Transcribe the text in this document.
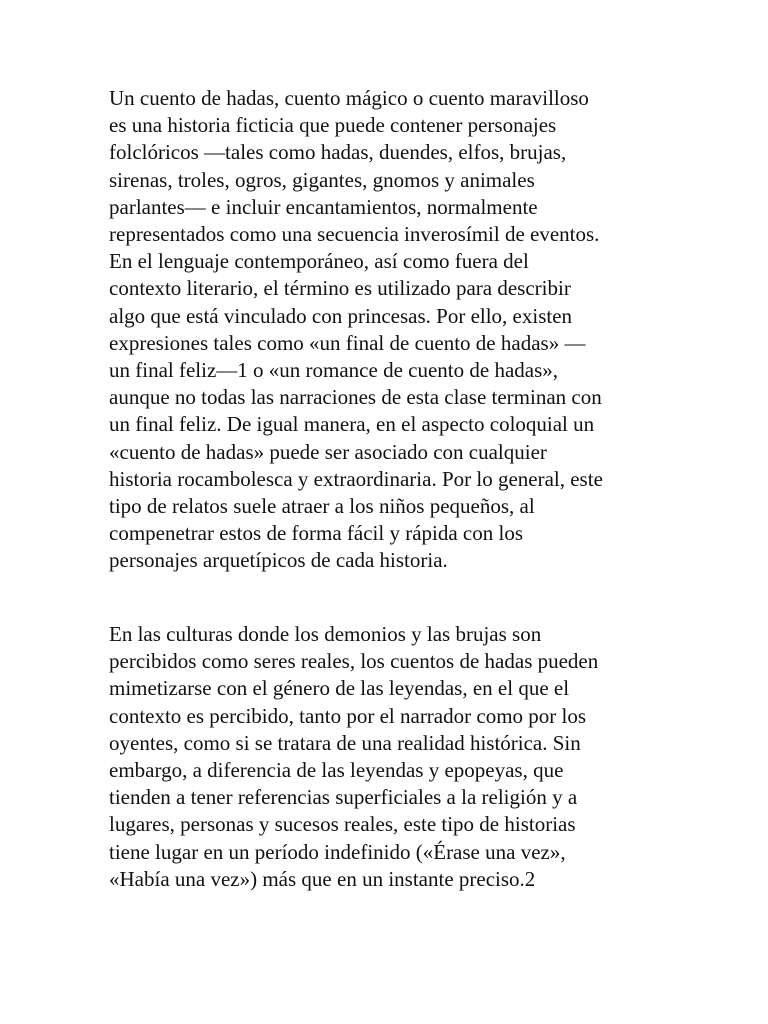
Un cuento de hadas, cuento mágico o cuento maravilloso
es una historia ficticia que puede contener personajes
folclóricos —tales como hadas, duendes, elfos, brujas,
sirenas, troles, ogros, gigantes, gnomos y animales
parlantes— e incluir encantamientos, normalmente
representados como una secuencia inverosímil de eventos.
En el lenguaje contemporáneo, así como fuera del
contexto literario, el término es utilizado para describir
algo que está vinculado con princesas. Por ello, existen
expresiones tales como «un final de cuento de hadas» —
un final feliz—1 o «un romance de cuento de hadas»,
aunque no todas las narraciones de esta clase terminan con
un final feliz. De igual manera, en el aspecto coloquial un
«cuento de hadas» puede ser asociado con cualquier
historia rocambolesca y extraordinaria. Por lo general, este
tipo de relatos suele atraer a los niños pequeños, al
compenetrar estos de forma fácil y rápida con los
personajes arquetípicos de cada historia.

En las culturas donde los demonios y las brujas son
percibidos como seres reales, los cuentos de hadas pueden
mimetizarse con el género de las leyendas, en el que el
contexto es percibido, tanto por el narrador como por los
oyentes, como si se tratara de una realidad histórica. Sin
embargo, a diferencia de las leyendas y epopeyas, que
tienden a tener referencias superficiales a la religión y a
lugares, personas y sucesos reales, este tipo de historias
tiene lugar en un período indefinido («Érase una vez»,
«Había una vez») más que en un instante preciso.2
